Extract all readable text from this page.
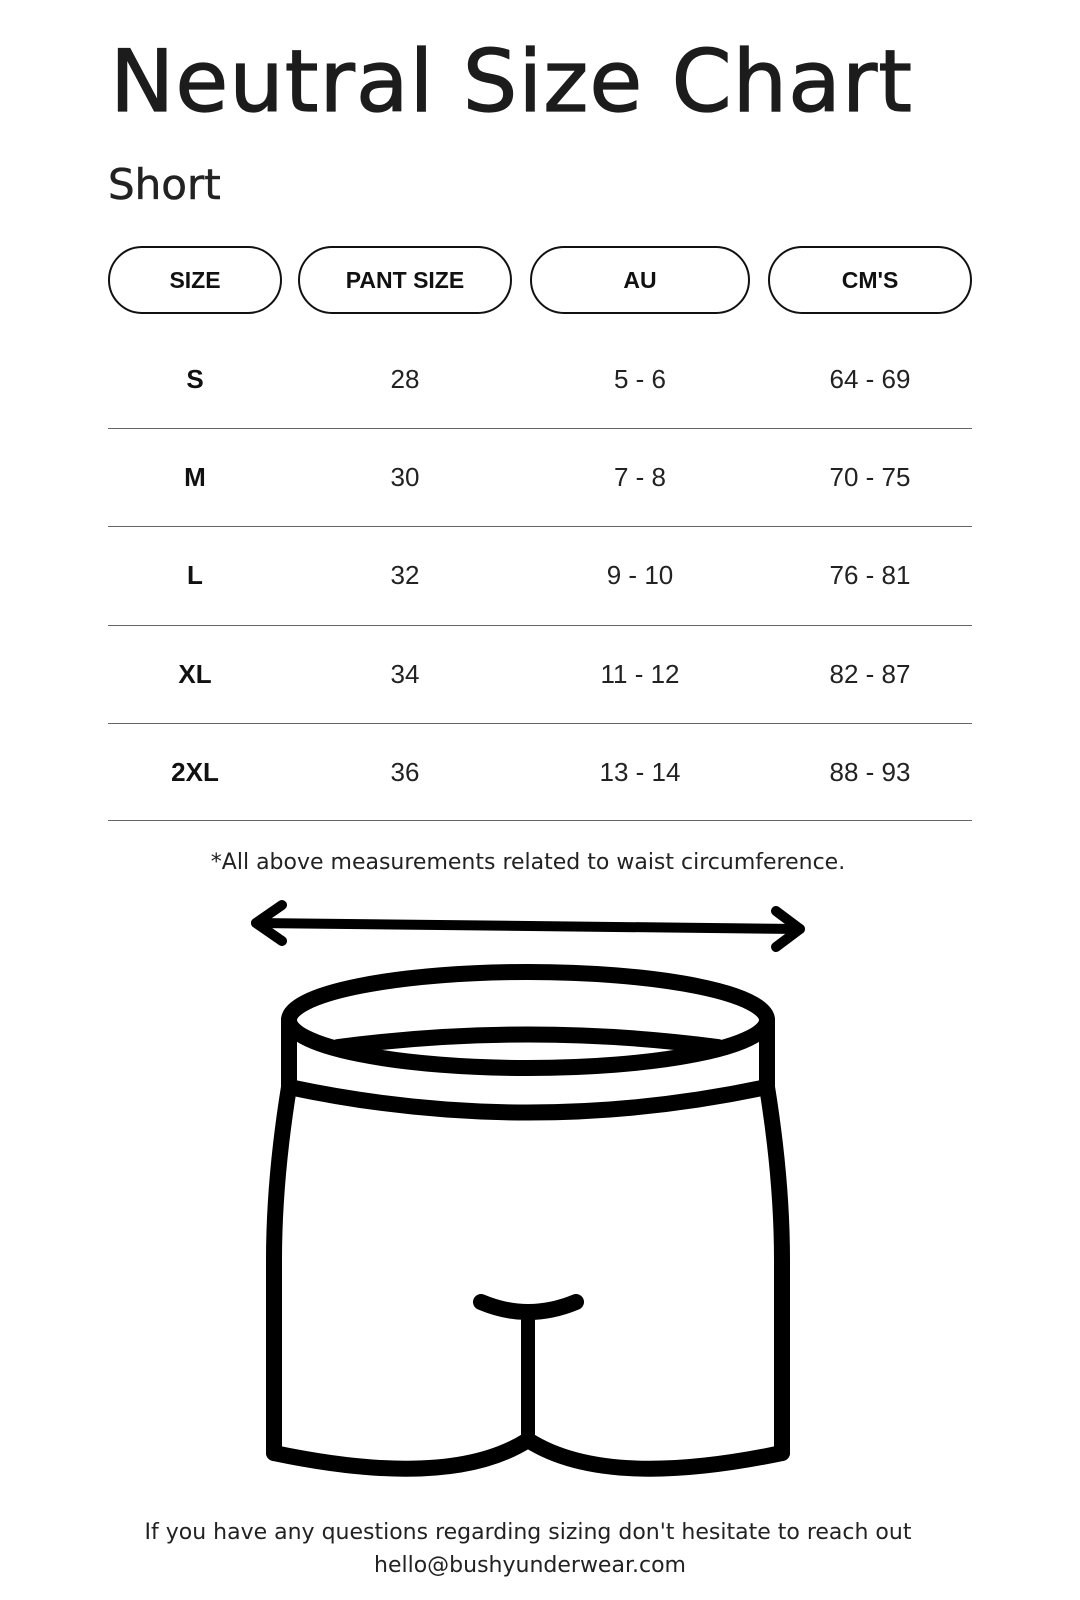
Neutral Size Chart
Short
SIZE	PANT SIZE	AU	CM'S
S	28	5 - 6	64 - 69
M	30	7 - 8	70 - 75
L	32	9 - 10	76 - 81
XL	34	11 - 12	82 - 87
2XL	36	13 - 14	88 - 93
*All above measurements related to waist circumference.
If you have any questions regarding sizing don't hesitate to reach out
hello@bushyunderwear.com
